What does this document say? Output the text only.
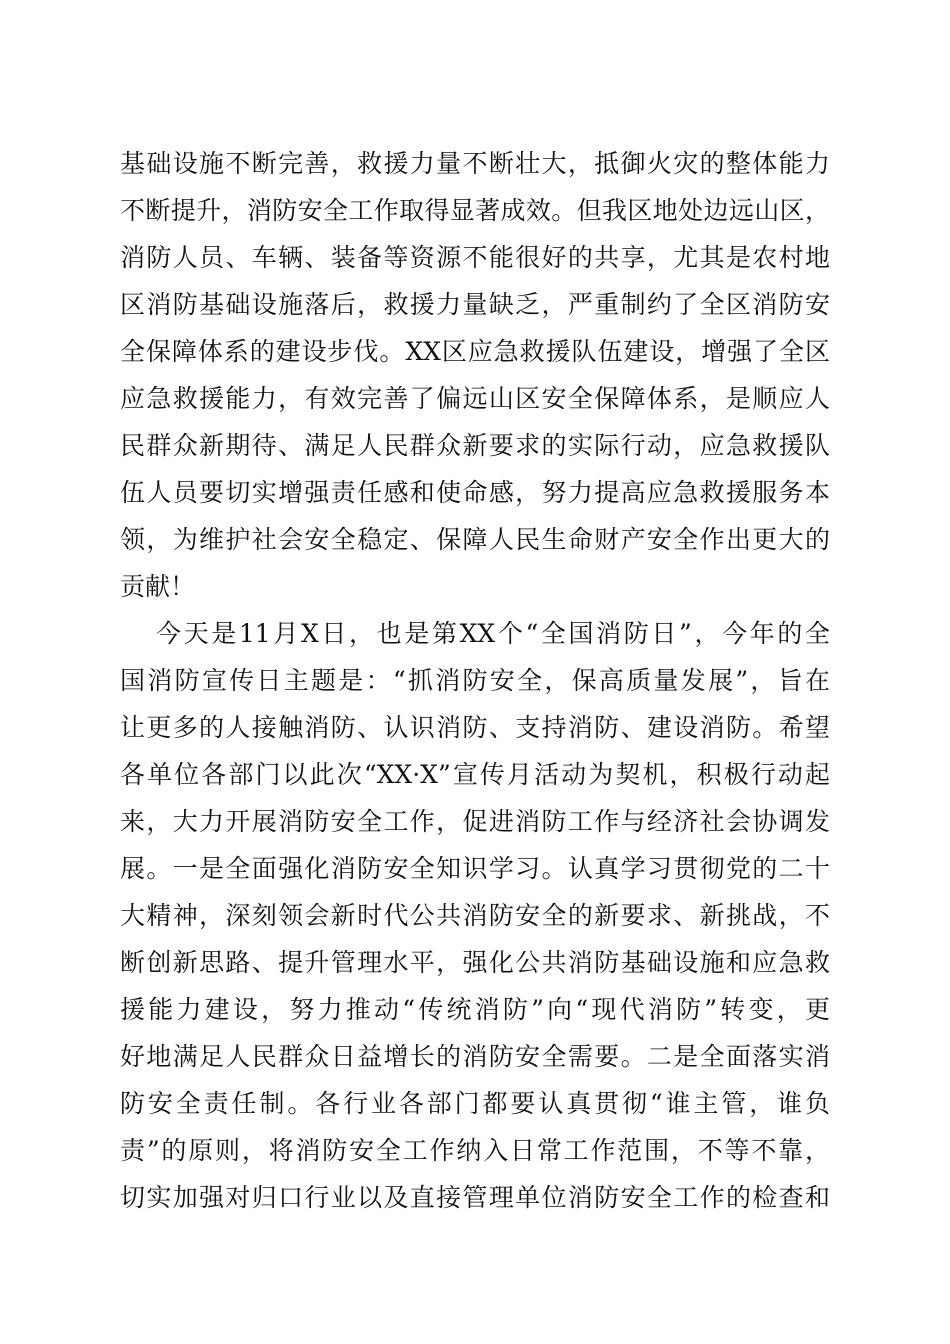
基础设施不断完善，救援力量不断壮大，抵御火灾的整体能力
不断提升，消防安全工作取得显著成效。但我区地处边远山区，
消防人员、车辆、装备等资源不能很好的共享，尤其是农村地
区消防基础设施落后，救援力量缺乏，严重制约了全区消防安
全保障体系的建设步伐。XX区应急救援队伍建设，增强了全区
应急救援能力，有效完善了偏远山区安全保障体系，是顺应人
民群众新期待、满足人民群众新要求的实际行动，应急救援队
伍人员要切实增强责任感和使命感，努力提高应急救援服务本
领，为维护社会安全稳定、保障人民生命财产安全作出更大的
贡献！
今天是11月X日，也是第XX个“全国消防日”，今年的全
国消防宣传日主题是：“抓消防安全，保高质量发展”，旨在
让更多的人接触消防、认识消防、支持消防、建设消防。希望
各单位各部门以此次“XX·X”宣传月活动为契机，积极行动起
来，大力开展消防安全工作，促进消防工作与经济社会协调发
展。一是全面强化消防安全知识学习。认真学习贯彻党的二十
大精神，深刻领会新时代公共消防安全的新要求、新挑战，不
断创新思路、提升管理水平，强化公共消防基础设施和应急救
援能力建设，努力推动“传统消防”向“现代消防”转变，更
好地满足人民群众日益增长的消防安全需要。二是全面落实消
防安全责任制。各行业各部门都要认真贯彻“谁主管，谁负
责”的原则，将消防安全工作纳入日常工作范围，不等不靠，
切实加强对归口行业以及直接管理单位消防安全工作的检查和
